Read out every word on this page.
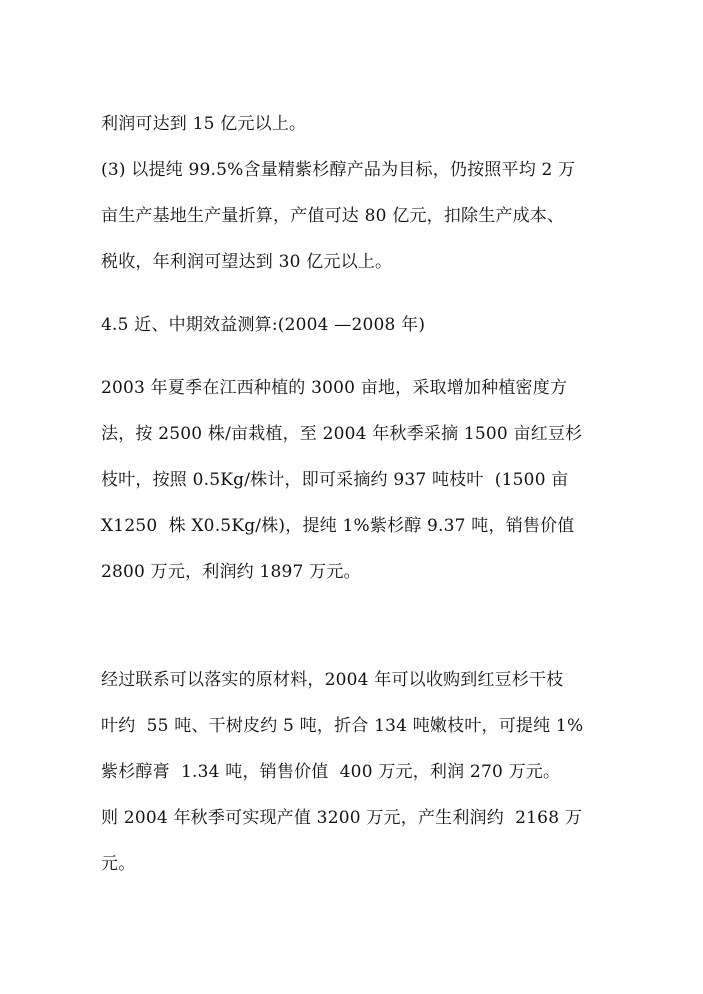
利润可达到 15 亿元以上。
(3) 以提纯 99.5%含量精紫杉醇产品为目标，仍按照平均 2 万
亩生产基地生产量折算，产值可达 80 亿元，扣除生产成本、
税收，年利润可望达到 30 亿元以上。
4.5 近、中期效益测算:(2004 —2008 年)
2003 年夏季在江西种植的 3000 亩地，采取增加种植密度方
法，按 2500 株/亩栽植，至 2004 年秋季采摘 1500 亩红豆杉
枝叶，按照 0.5Kg/株计，即可采摘约 937 吨枝叶  (1500 亩
X1250  株 X0.5Kg/株)，提纯 1%紫杉醇 9.37 吨，销售价值
2800 万元，利润约 1897 万元。
经过联系可以落实的原材料，2004 年可以收购到红豆杉干枝
叶约  55 吨、干树皮约 5 吨，折合 134 吨嫩枝叶，可提纯 1%
紫杉醇膏  1.34 吨，销售价值  400 万元，利润 270 万元。
则 2004 年秋季可实现产值 3200 万元，产生利润约  2168 万
元。
